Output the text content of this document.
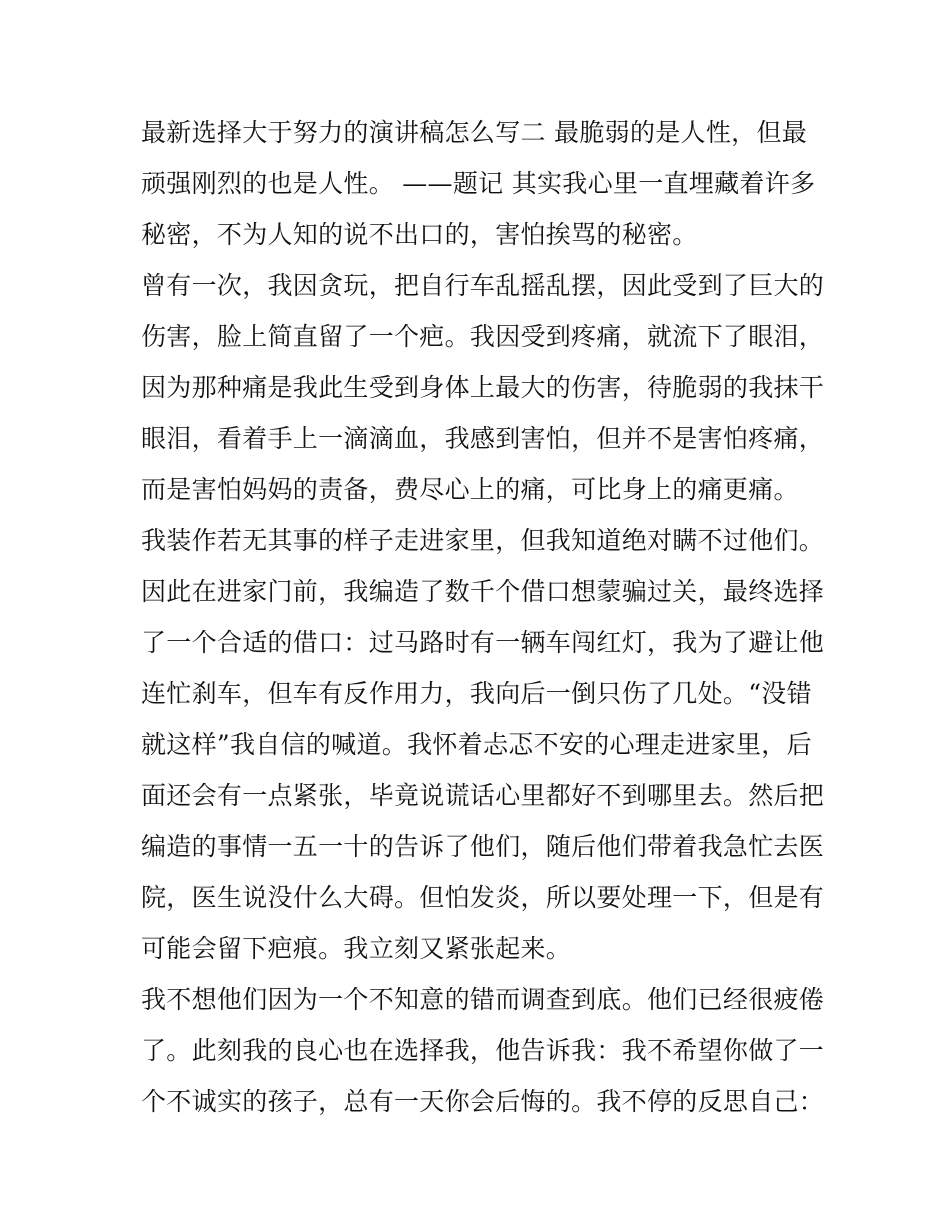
最新选择大于努力的演讲稿怎么写二 最脆弱的是人性，但最
顽强刚烈的也是人性。 ——题记 其实我心里一直埋藏着许多
秘密，不为人知的说不出口的，害怕挨骂的秘密。
曾有一次，我因贪玩，把自行车乱摇乱摆，因此受到了巨大的
伤害，脸上简直留了一个疤。我因受到疼痛，就流下了眼泪，
因为那种痛是我此生受到身体上最大的伤害，待脆弱的我抹干
眼泪，看着手上一滴滴血，我感到害怕，但并不是害怕疼痛，
而是害怕妈妈的责备，费尽心上的痛，可比身上的痛更痛。
我装作若无其事的样子走进家里，但我知道绝对瞒不过他们。
因此在进家门前，我编造了数千个借口想蒙骗过关，最终选择
了一个合适的借口：过马路时有一辆车闯红灯，我为了避让他
连忙刹车，但车有反作用力，我向后一倒只伤了几处。“没错
就这样”我自信的喊道。我怀着忐忑不安的心理走进家里，后
面还会有一点紧张，毕竟说谎话心里都好不到哪里去。然后把
编造的事情一五一十的告诉了他们，随后他们带着我急忙去医
院，医生说没什么大碍。但怕发炎，所以要处理一下，但是有
可能会留下疤痕。我立刻又紧张起来。
我不想他们因为一个不知意的错而调查到底。他们已经很疲倦
了。此刻我的良心也在选择我，他告诉我：我不希望你做了一
个不诚实的孩子，总有一天你会后悔的。我不停的反思自己：
